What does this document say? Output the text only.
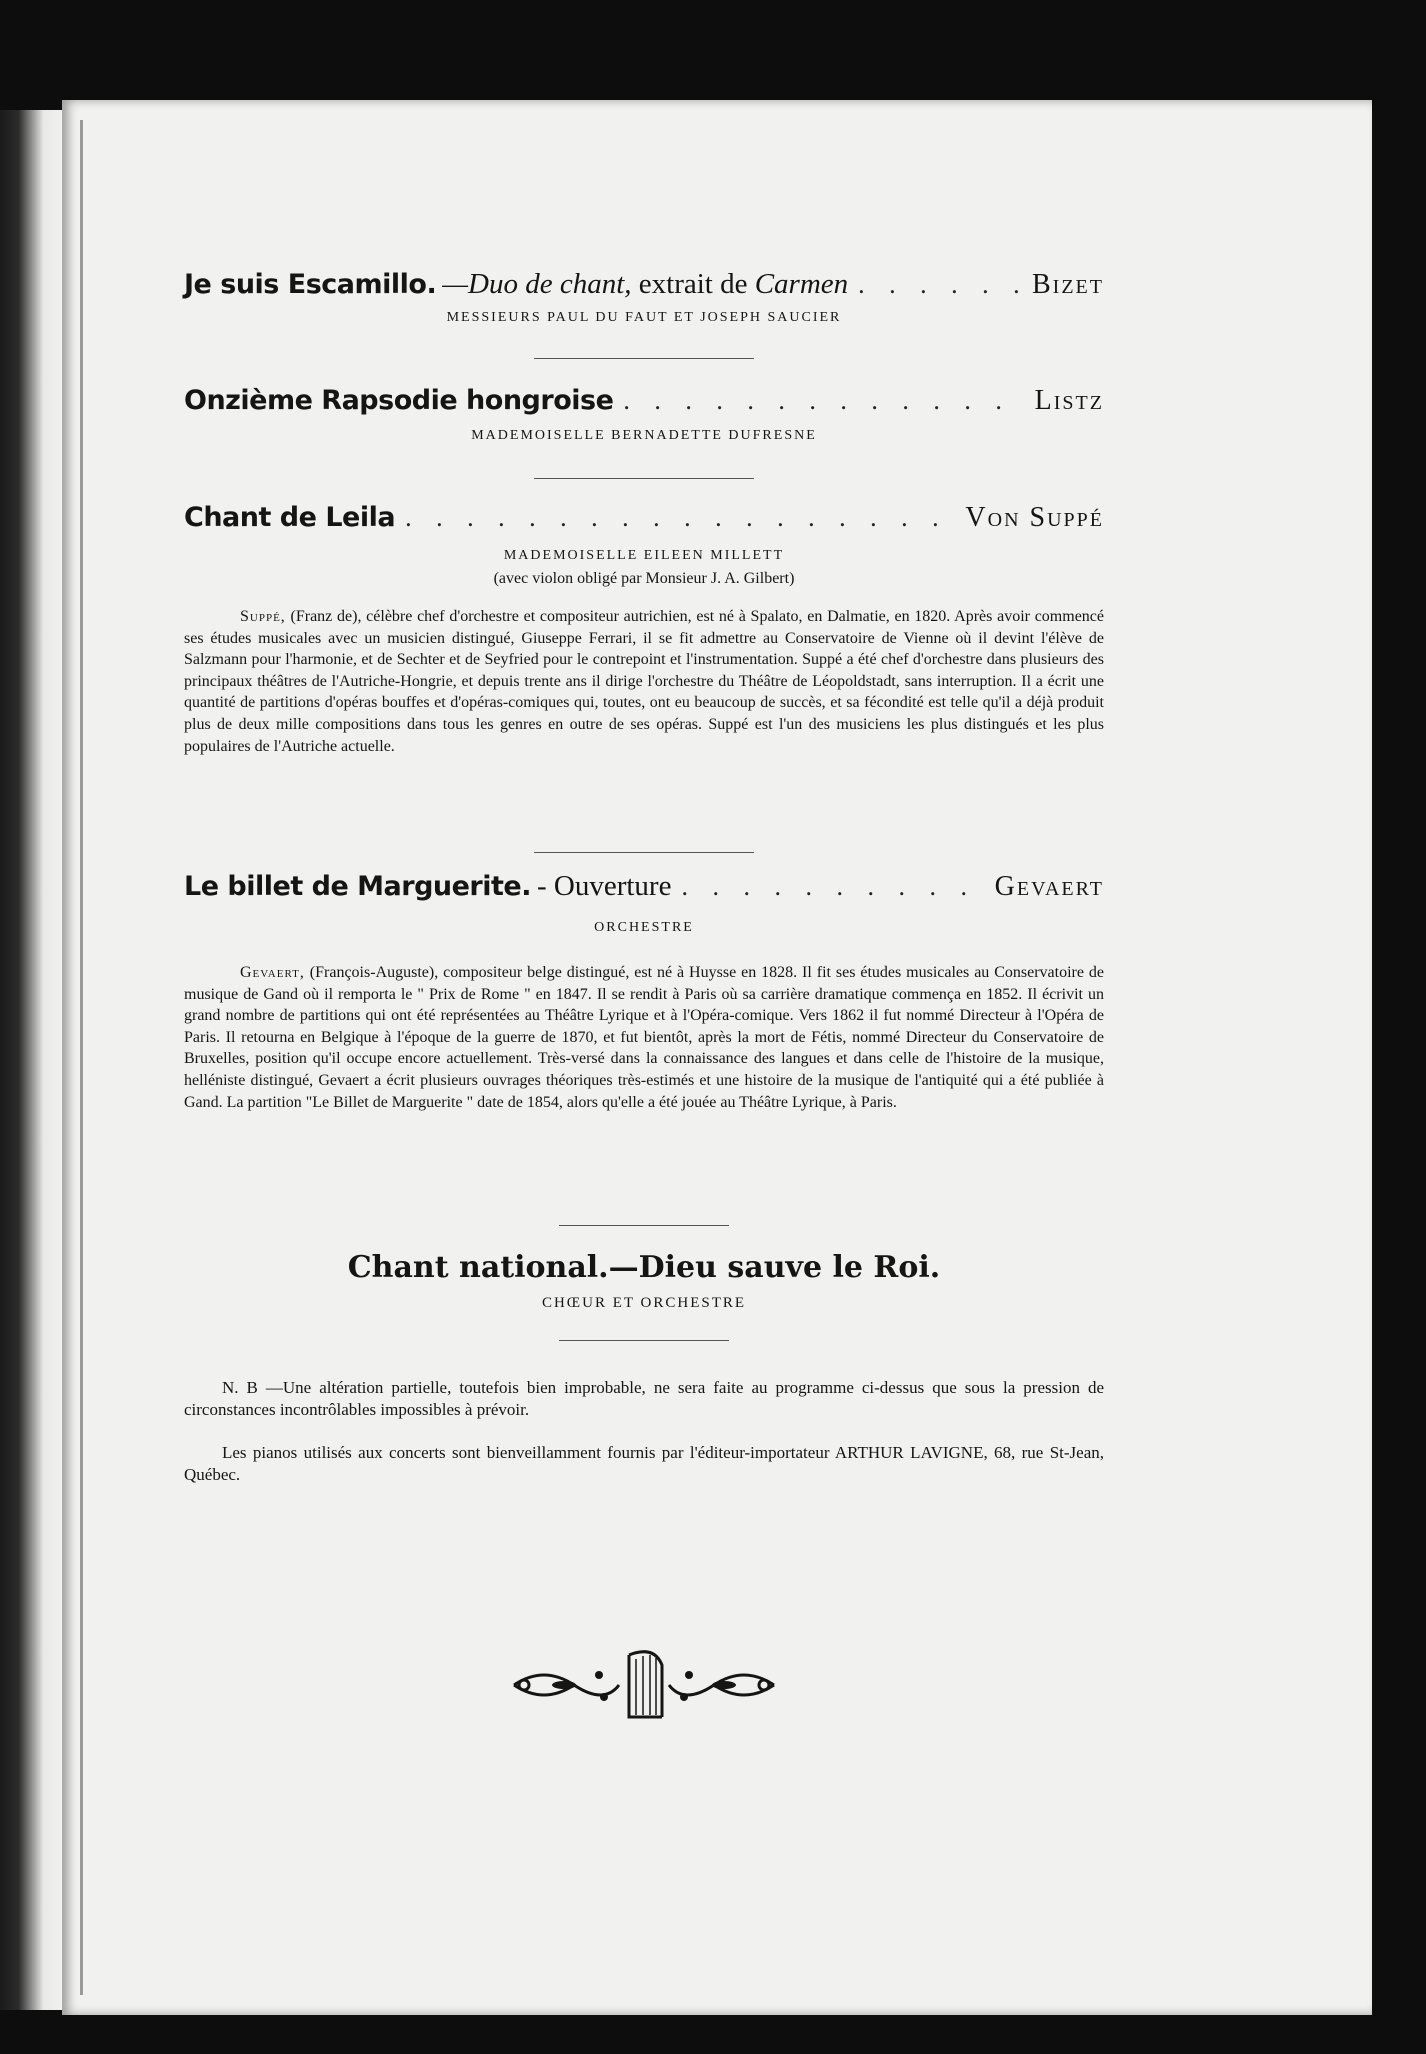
Je suis Escamillo. —Duo de chant, extrait de Carmen . . .	Bizet
MESSIEURS PAUL DU FAUT ET JOSEPH SAUCIER
Onzième Rapsodie hongroise . . .	Listz
MADEMOISELLE BERNADETTE DUFRESNE
Chant de Leila . . .	Von Suppé
MADEMOISELLE EILEEN MILLETT
(avec violon obligé par Monsieur J. A. Gilbert)
Suppé, (Franz de), célèbre chef d'orchestre et compositeur autrichien, est né à Spalato, en Dalmatie, en 1820. Après avoir commencé ses études musicales avec un musicien distingué, Giuseppe Ferrari, il se fit admettre au Conservatoire de Vienne où il devint l'élève de Salzmann pour l'harmonie, et de Sechter et de Seyfried pour le contrepoint et l'instrumentation. Suppé a été chef d'orchestre dans plusieurs des principaux théâtres de l'Autriche-Hongrie, et depuis trente ans il dirige l'orchestre du Théâtre de Léopoldstadt, sans interruption. Il a écrit une quantité de partitions d'opéras bouffes et d'opéras-comiques qui, toutes, ont eu beaucoup de succès, et sa fécondité est telle qu'il a déjà produit plus de deux mille compositions dans tous les genres en outre de ses opéras. Suppé est l'un des musiciens les plus distingués et les plus populaires de l'Autriche actuelle.
Le billet de Marguerite. - Ouverture . . .	Gevaert
ORCHESTRE
Gevaert, (François-Auguste), compositeur belge distingué, est né à Huysse en 1828. Il fit ses études musicales au Conservatoire de musique de Gand où il remporta le " Prix de Rome " en 1847. Il se rendit à Paris où sa carrière dramatique commença en 1852. Il écrivit un grand nombre de partitions qui ont été représentées au Théâtre Lyrique et à l'Opéra-comique. Vers 1862 il fut nommé Directeur à l'Opéra de Paris. Il retourna en Belgique à l'époque de la guerre de 1870, et fut bientôt, après la mort de Fétis, nommé Directeur du Conservatoire de Bruxelles, position qu'il occupe encore actuellement. Très-versé dans la connaissance des langues et dans celle de l'histoire de la musique, helléniste distingué, Gevaert a écrit plusieurs ouvrages théoriques très-estimés et une histoire de la musique de l'antiquité qui a été publiée à Gand. La partition "Le Billet de Marguerite " date de 1854, alors qu'elle a été jouée au Théâtre Lyrique, à Paris.
Chant national.—Dieu sauve le Roi.
CHŒUR ET ORCHESTRE
N. B —Une altération partielle, toutefois bien improbable, ne sera faite au programme ci-dessus que sous la pression de circonstances incontrôlables impossibles à prévoir.
Les pianos utilisés aux concerts sont bienveillamment fournis par l'éditeur-importateur ARTHUR LAVIGNE, 68, rue St-Jean, Québec.
